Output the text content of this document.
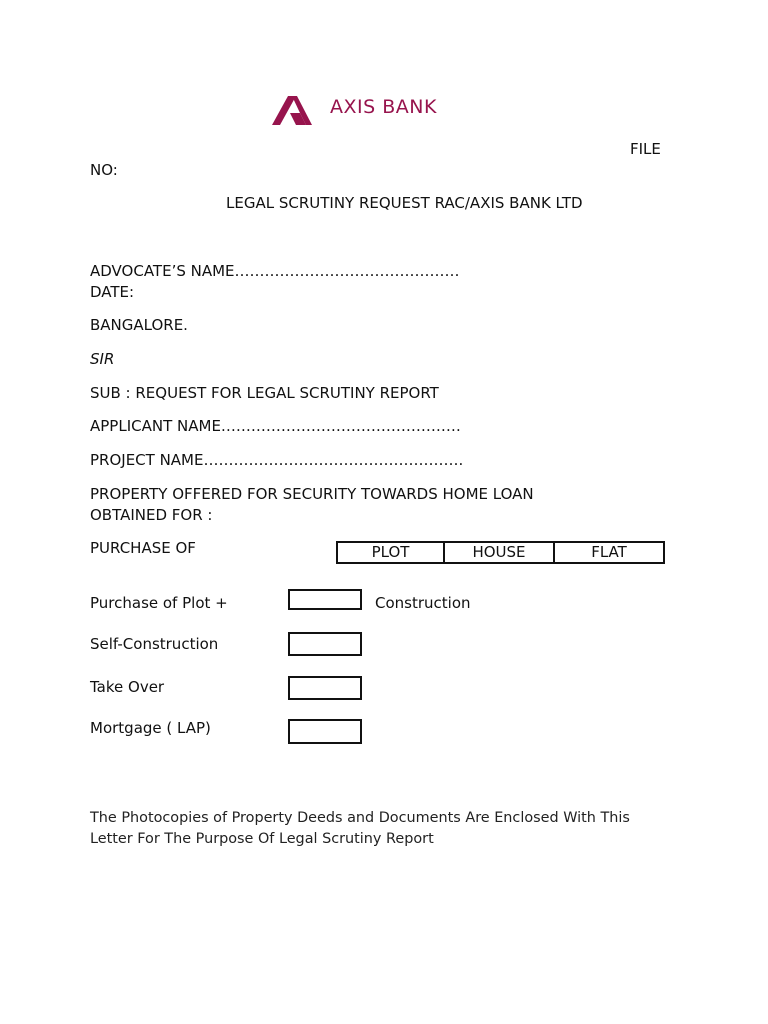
AXIS BANK
FILE
NO:
LEGAL SCRUTINY REQUEST RAC/AXIS BANK LTD
ADVOCATE’S NAME………………………………………
DATE:
BANGALORE.
SIR
SUB : REQUEST FOR LEGAL SCRUTINY REPORT
APPLICANT NAME…………………………………………
PROJECT NAME…………………………………………….
PROPERTY OFFERED FOR SECURITY TOWARDS HOME LOAN
OBTAINED FOR :
PURCHASE OF	PLOT	HOUSE	FLAT
Purchase of Plot +	Construction
Self-Construction
Take Over
Mortgage ( LAP)
The Photocopies of Property Deeds and Documents Are Enclosed With This
Letter For The Purpose Of Legal Scrutiny Report
